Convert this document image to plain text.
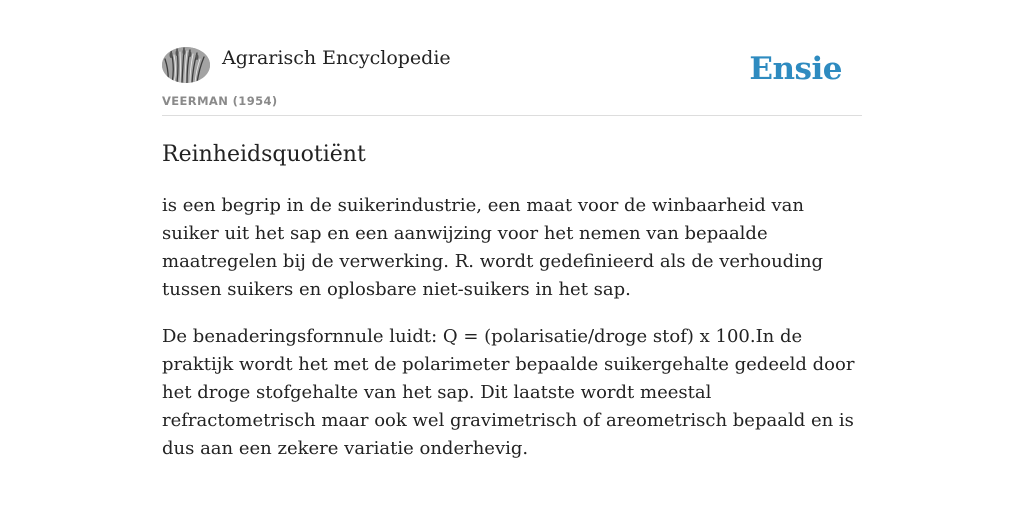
Agrarisch Encyclopedie
VEERMAN (1954)
Ensie
Reinheidsquotiënt

is een begrip in de suikerindustrie, een maat voor de winbaarheid van suiker uit het sap en een aanwijzing voor het nemen van bepaalde maatregelen bij de verwerking. R. wordt gedefinieerd als de verhouding tussen suikers en oplosbare niet-suikers in het sap.

De benaderingsfornnule luidt: Q = (polarisatie/droge stof) x 100.In de praktijk wordt het met de polarimeter bepaalde suikergehalte gedeeld door het droge stofgehalte van het sap. Dit laatste wordt meestal refractometrisch maar ook wel gravimetrisch of areometrisch bepaald en is dus aan een zekere variatie onderhevig.
